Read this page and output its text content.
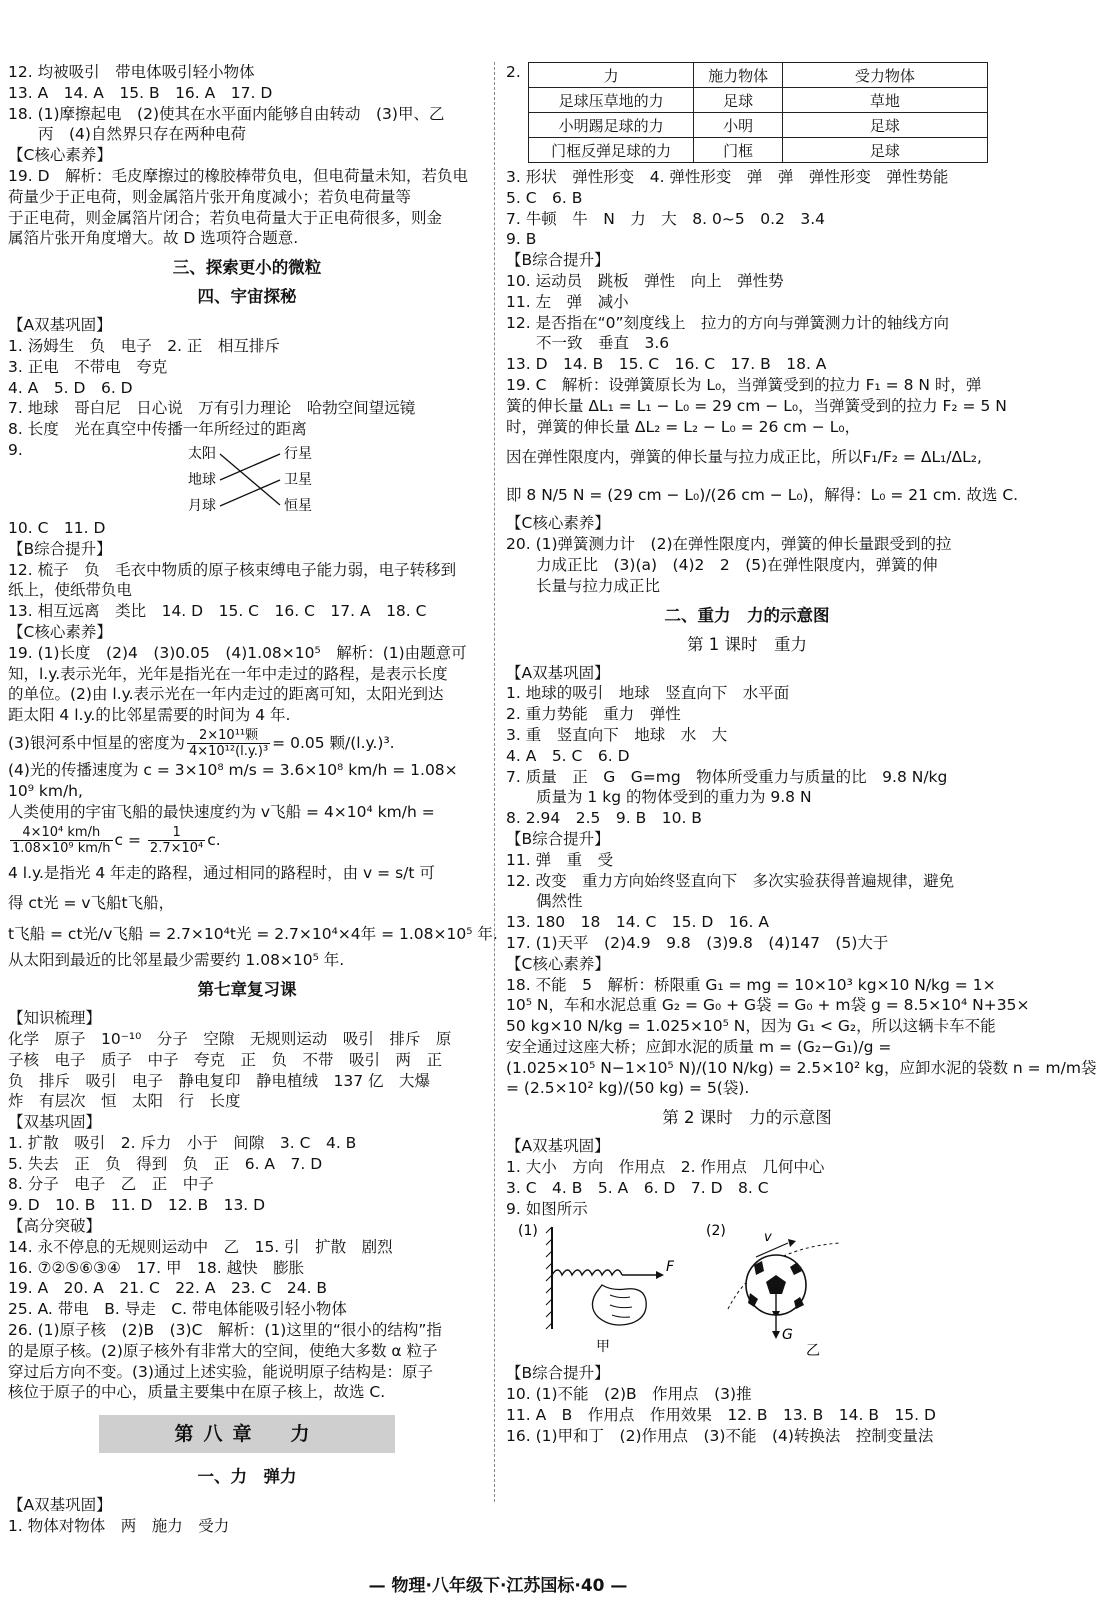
12. 均被吸引　带电体吸引轻小物体
13. A　14. A　15. B　16. A　17. D
18. (1)摩擦起电　(2)使其在水平面内能够自由转动　(3)甲、乙
丙　(4)自然界只存在两种电荷
【C核心素养】
19. D　解析：毛皮摩擦过的橡胶棒带负电，但电荷量未知，若负电
荷量少于正电荷，则金属箔片张开角度减小；若负电荷量等
于正电荷，则金属箔片闭合；若负电荷量大于正电荷很多，则金
属箔片张开角度增大。故 D 选项符合题意.
三、探索更小的微粒
四、宇宙探秘
【A双基巩固】
1. 汤姆生　负　电子　2. 正　相互排斥
3. 正电　不带电　夸克
4. A　5. D　6. D
7. 地球　哥白尼　日心说　万有引力理论　哈勃空间望远镜
8. 长度　光在真空中传播一年所经过的距离
9.	太阳
地球
月球
行星
卫星
恒星
10. C　11. D
【B综合提升】
12. 梳子　负　毛衣中物质的原子核束缚电子能力弱，电子转移到
纸上，使纸带负电
13. 相互远离　类比　14. D　15. C　16. C　17. A　18. C
【C核心素养】
19. (1)长度　(2)4　(3)0.05　(4)1.08×10⁵　解析：(1)由题意可
知，l.y.表示光年，光年是指光在一年中走过的路程，是表示长度
的单位。(2)由 l.y.表示光在一年内走过的距离可知，太阳光到达
距太阳 4 l.y.的比邻星需要的时间为 4 年.
(3)银河系中恒星的密度为 $\frac{\text{2×10¹¹颗}}{\text{4×10¹²(l.y.)³}} = 0.05$ 颗/(l.y.)³.
(4)光的传播速度为 c = 3×10⁸ m/s = 3.6×10⁸ km/h = 1.08×
10⁹ km/h,
人类使用的宇宙飞船的最快速度约为 v飞船 = 4×10⁴ km/h =
$\frac{\text{4×10⁴ km/h}}{\text{1.08×10⁹ km/h}}$ $c = \frac{1}{\text{2.7×10⁴}} c$.
4 l.y.是指光 4 年走的路程，通过相同的路程时，由 v = s/t 可
得 ct光 = v飞船t飞船，
t飞船 = ct光/v飞船 = 2.7×10⁴t光 = 2.7×10⁴×4年 = 1.08×10⁵ 年.
从太阳到最近的比邻星最少需要约 1.08×10⁵ 年.
第七章复习课
【知识梳理】
化学　原子　10⁻¹⁰　分子　空隙　无规则运动　吸引　排斥　原
子核　电子　质子　中子　夸克　正　负　不带　吸引　两　正
负　排斥　吸引　电子　静电复印　静电植绒　137 亿　大爆
炸　有层次　恒　太阳　行　长度
【双基巩固】
1. 扩散　吸引　2. 斥力　小于　间隙　3. C　4. B
5. 失去　正　负　得到　负　正　6. A　7. D
8. 分子　电子　乙　正　中子
9. D　10. B　11. D　12. B　13. D
【高分突破】
14. 永不停息的无规则运动中　乙　15. 引　扩散　剧烈
16. ⑦②⑤⑥③④　17. 甲　18. 越快　膨胀
19. A　20. A　21. C　22. A　23. C　24. B
25. A. 带电　B. 导走　C. 带电体能吸引轻小物体
26. (1)原子核　(2)B　(3)C　解析：(1)这里的“很小的结构”指
的是原子核。(2)原子核外有非常大的空间，使绝大多数 α 粒子
穿过后方向不变。(3)通过上述实验，能说明原子结构是：原子
核位于原子的中心，质量主要集中在原子核上，故选 C.
第八章　力
一、力　弹力
【A双基巩固】
1. 物体对物体　两　施力　受力
2.	力	施力物体	受力物体
足球压草地的力	足球	草地
小明踢足球的力	小明	足球
门框反弹足球的力	门框	足球
3. 形状　弹性形变　4. 弹性形变　弹　弹　弹性形变　弹性势能
5. C　6. B
7. 牛顿　牛　N　力　大　8. 0~5　0.2　3.4
9. B
【B综合提升】
10. 运动员　跳板　弹性　向上　弹性势
11. 左　弹　减小
12. 是否指在“0”刻度线上　拉力的方向与弹簧测力计的轴线方向
不一致　垂直　3.6
13. D　14. B　15. C　16. C　17. B　18. A
19. C　解析：设弹簧原长为 L₀，当弹簧受到的拉力 F₁ = 8 N 时，弹
簧的伸长量 ΔL₁ = L₁ − L₀ = 29 cm − L₀，当弹簧受到的拉力 F₂ = 5 N
时，弹簧的伸长量 ΔL₂ = L₂ − L₀ = 26 cm − L₀，
因在弹性限度内，弹簧的伸长量与拉力成正比，所以F₁/F₂ = ΔL₁/ΔL₂,
即 8 N/5 N = (29 cm − L₀)/(26 cm − L₀)，解得：L₀ = 21 cm. 故选 C.
【C核心素养】
20. (1)弹簧测力计　(2)在弹性限度内，弹簧的伸长量跟受到的拉
力成正比　(3)(a)　(4)2　2　(5)在弹性限度内，弹簧的伸
长量与拉力成正比
二、重力　力的示意图
第 1 课时　重力
【A双基巩固】
1. 地球的吸引　地球　竖直向下　水平面
2. 重力势能　重力　弹性
3. 重　竖直向下　地球　水　大
4. A　5. C　6. D
7. 质量　正　G　G=mg　物体所受重力与质量的比　9.8 N/kg
质量为 1 kg 的物体受到的重力为 9.8 N
8. 2.94　2.5　9. B　10. B
【B综合提升】
11. 弹　重　受
12. 改变　重力方向始终竖直向下　多次实验获得普遍规律，避免
偶然性
13. 180　18　14. C　15. D　16. A
17. (1)天平　(2)4.9　9.8　(3)9.8　(4)147　(5)大于
【C核心素养】
18. 不能　5　解析：桥限重 G₁ = mg = 10×10³ kg×10 N/kg = 1×
10⁵ N，车和水泥总重 G₂ = G₀ + G袋 = G₀ + m袋 g = 8.5×10⁴ N+35×
50 kg×10 N/kg = 1.025×10⁵ N，因为 G₁ < G₂，所以这辆卡车不能
安全通过这座大桥；应卸水泥的质量 m = (G₂−G₁)/g =
(1.025×10⁵ N−1×10⁵ N)/(10 N/kg) = 2.5×10² kg，应卸水泥的袋数 n = m/m袋
= (2.5×10² kg)/(50 kg) = 5(袋).
第 2 课时　力的示意图
【A双基巩固】
1. 大小　方向　作用点　2. 作用点　几何中心
3. C　4. B　5. A　6. D　7. D　8. C
9. 如图所示
(1)	(2)
F
甲
v
G
乙
【B综合提升】
10. (1)不能　(2)B　作用点　(3)推
11. A　B　作用点　作用效果　12. B　13. B　14. B　15. D
16. (1)甲和丁　(2)作用点　(3)不能　(4)转换法　控制变量法
— 物理·八年级下·江苏国标·40 —
